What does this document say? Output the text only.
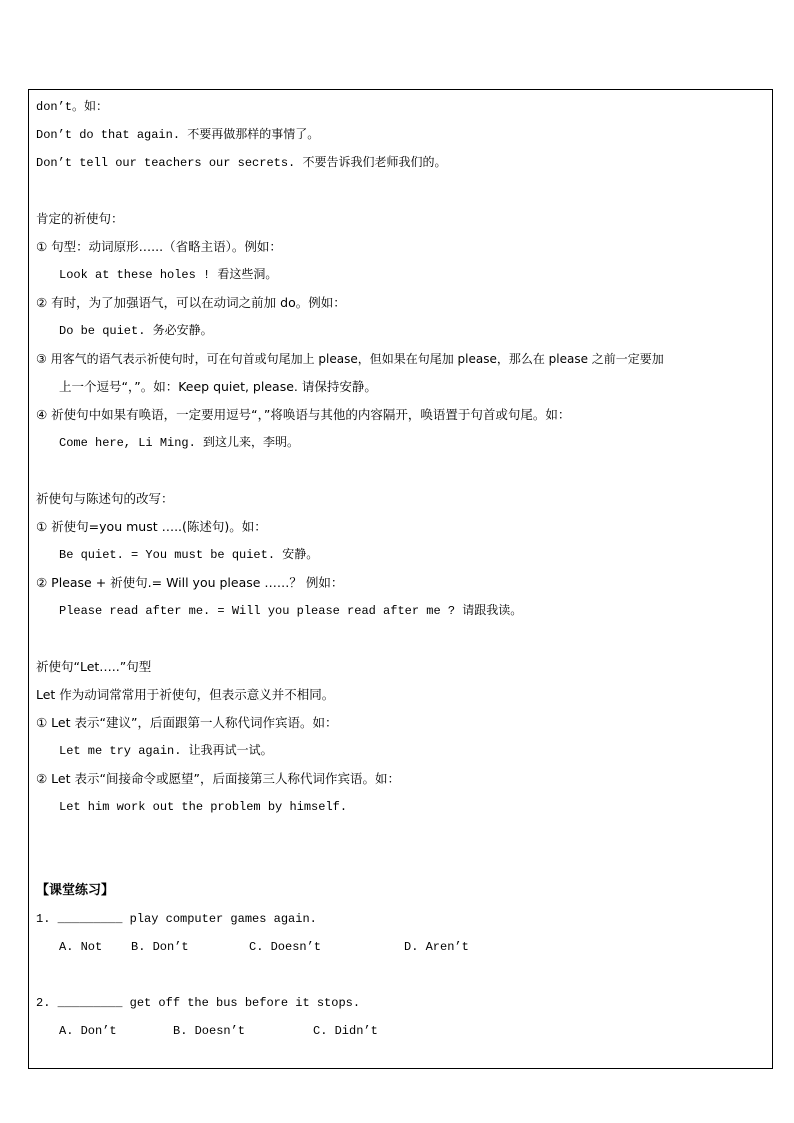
don’t。如：
Don’t do that again. 不要再做那样的事情了。
Don’t tell our teachers our secrets. 不要告诉我们老师我们的。
肯定的祈使句：
① 句型：动词原形…...（省略主语）。例如：
Look at these holes ! 看这些洞。
② 有时，为了加强语气，可以在动词之前加 do。例如：
Do be quiet. 务必安静。
③ 用客气的语气表示祈使句时，可在句首或句尾加上 please，但如果在句尾加 please，那么在 please 之前一定要加
上一个逗号“，”。如：Keep quiet, please. 请保持安静。
④ 祈使句中如果有唤语，一定要用逗号“，”将唤语与其他的内容隔开，唤语置于句首或句尾。如：
Come here, Li Ming. 到这儿来，李明。
祈使句与陈述句的改写：
① 祈使句=you must …..(陈述句)。如：
Be quiet. = You must be quiet. 安静。
② Please + 祈使句.= Will you please ……？ 例如：
Please read after me. = Will you please read after me ? 请跟我读。
祈使句“Let…..”句型
Let 作为动词常常用于祈使句，但表示意义并不相同。
① Let 表示“建议”，后面跟第一人称代词作宾语。如：
Let me try again. 让我再试一试。
② Let 表示“间接命令或愿望”，后面接第三人称代词作宾语。如：
Let him work out the problem by himself.
【课堂练习】
1. _________ play computer games again.
A. Not B. Don’t	C. Doesn’t	D. Aren’t
2. _________ get off the bus before it stops.
A. Don’t	B. Doesn’t	C. Didn’t
